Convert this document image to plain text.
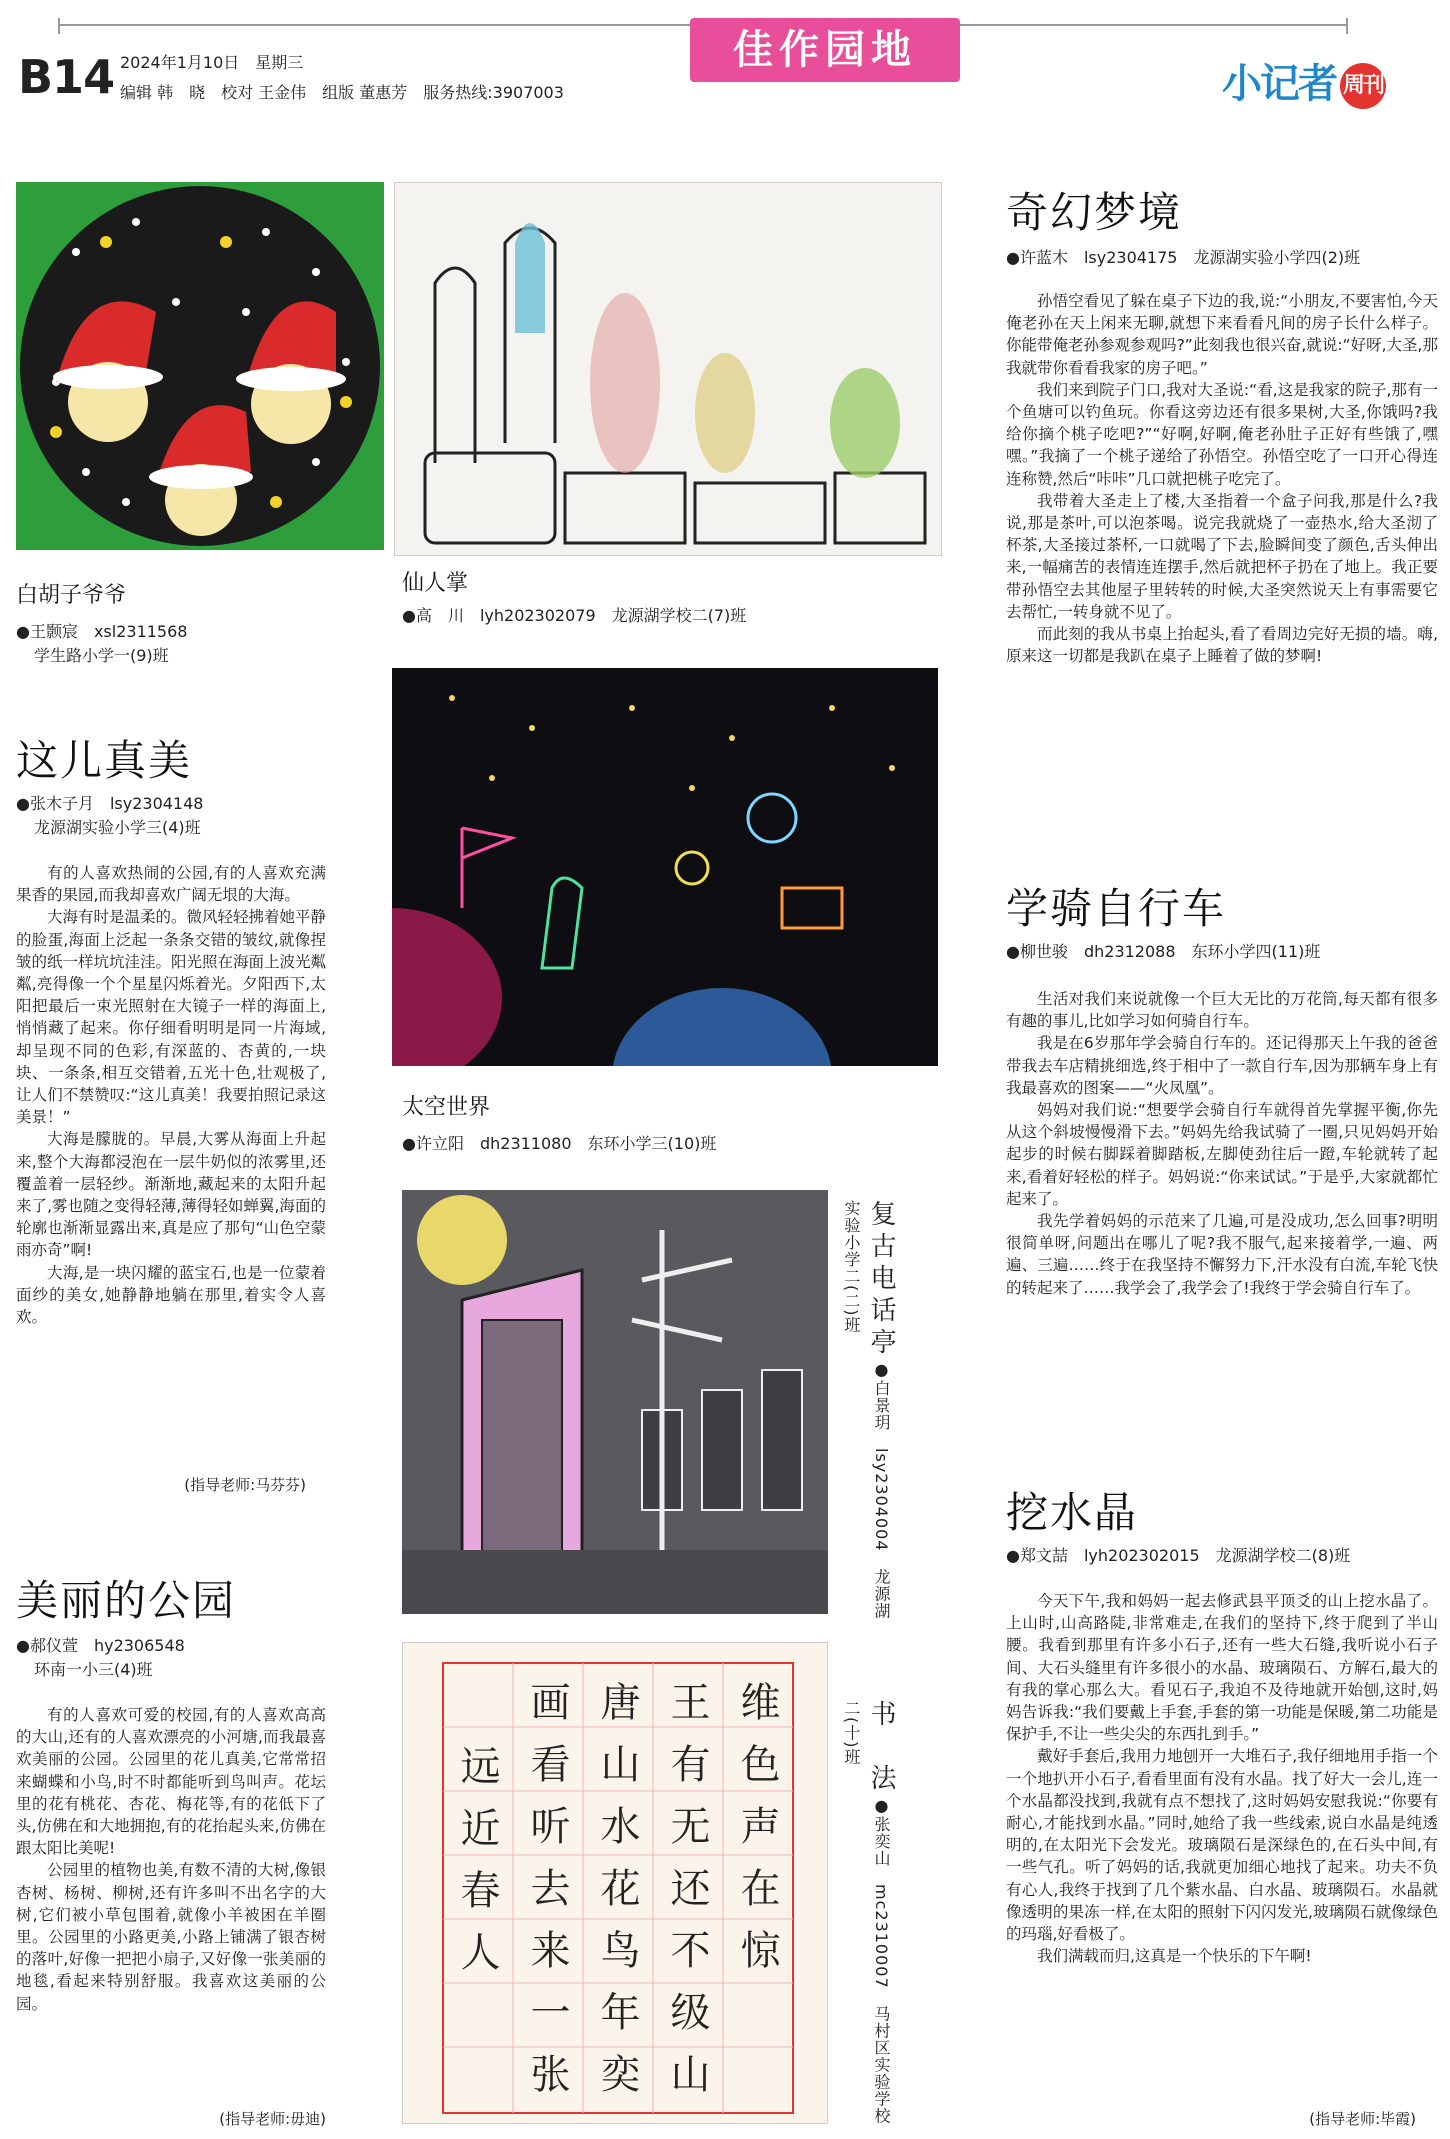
B14 2024年1月10日　星期三
编辑 韩　晓　校对 王金伟　组版 董惠芳　服务热线:3907003
佳作园地
小记者 周刊
白胡子爷爷
●王颢宸　xsl2311568
学生路小学一(9)班
仙人掌
●高　川　lyh202302079　龙源湖学校二(7)班
太空世界
●许立阳　dh2311080　东环小学三(10)班
复古电话亭●白景玥　lsy2304004　龙源湖实验小学二(二)班
维色声在惊
王有无还不级山
唐山水花鸟年奕
画看听去来一张
远近春人	书　法●张奕山　mc2310007　马村区实验学校二(十)班
这儿真美
●张木子月　lsy2304148
龙源湖实验小学三(4)班

有的人喜欢热闹的公园,有的人喜欢充满果香的果园,而我却喜欢广阔无垠的大海。

大海有时是温柔的。微风轻轻拂着她平静的脸蛋,海面上泛起一条条交错的皱纹,就像捏皱的纸一样坑坑洼洼。阳光照在海面上波光粼粼,亮得像一个个星星闪烁着光。夕阳西下,太阳把最后一束光照射在大镜子一样的海面上,悄悄藏了起来。你仔细看明明是同一片海域,却呈现不同的色彩,有深蓝的、杏黄的,一块块、一条条,相互交错着,五光十色,壮观极了,让人们不禁赞叹:“这儿真美！我要拍照记录这美景！”

大海是朦胧的。早晨,大雾从海面上升起来,整个大海都浸泡在一层牛奶似的浓雾里,还覆盖着一层轻纱。渐渐地,藏起来的太阳升起来了,雾也随之变得轻薄,薄得轻如蝉翼,海面的轮廓也渐渐显露出来,真是应了那句“山色空蒙雨亦奇”啊!

大海,是一块闪耀的蓝宝石,也是一位蒙着面纱的美女,她静静地躺在那里,着实令人喜欢。

(指导老师:马芬芬)
美丽的公园
●郝仪萱　hy2306548
环南一小三(4)班

有的人喜欢可爱的校园,有的人喜欢高高的大山,还有的人喜欢漂亮的小河塘,而我最喜欢美丽的公园。公园里的花儿真美,它常常招来蝴蝶和小鸟,时不时都能听到鸟叫声。花坛里的花有桃花、杏花、梅花等,有的花低下了头,仿佛在和大地拥抱,有的花抬起头来,仿佛在跟太阳比美呢!

公园里的植物也美,有数不清的大树,像银杏树、杨树、柳树,还有许多叫不出名字的大树,它们被小草包围着,就像小羊被困在羊圈里。公园里的小路更美,小路上铺满了银杏树的落叶,好像一把把小扇子,又好像一张美丽的地毯,看起来特别舒服。我喜欢这美丽的公园。

(指导老师:毋迪)
奇幻梦境
●许蓝木　lsy2304175　龙源湖实验小学四(2)班

孙悟空看见了躲在桌子下边的我,说:“小朋友,不要害怕,今天俺老孙在天上闲来无聊,就想下来看看凡间的房子长什么样子。你能带俺老孙参观参观吗?”此刻我也很兴奋,就说:“好呀,大圣,那我就带你看看我家的房子吧。”

我们来到院子门口,我对大圣说:“看,这是我家的院子,那有一个鱼塘可以钓鱼玩。你看这旁边还有很多果树,大圣,你饿吗?我给你摘个桃子吃吧?”“好啊,好啊,俺老孙肚子正好有些饿了,嘿嘿。”我摘了一个桃子递给了孙悟空。孙悟空吃了一口开心得连连称赞,然后“咔咔”几口就把桃子吃完了。

我带着大圣走上了楼,大圣指着一个盒子问我,那是什么?我说,那是茶叶,可以泡茶喝。说完我就烧了一壶热水,给大圣沏了杯茶,大圣接过茶杯,一口就喝了下去,脸瞬间变了颜色,舌头伸出来,一幅痛苦的表情连连摆手,然后就把杯子扔在了地上。我正要带孙悟空去其他屋子里转转的时候,大圣突然说天上有事需要它去帮忙,一转身就不见了。

而此刻的我从书桌上抬起头,看了看周边完好无损的墙。嗨,原来这一切都是我趴在桌子上睡着了做的梦啊!

学骑自行车
●柳世骏　dh2312088　东环小学四(11)班

生活对我们来说就像一个巨大无比的万花筒,每天都有很多有趣的事儿,比如学习如何骑自行车。

我是在6岁那年学会骑自行车的。还记得那天上午我的爸爸带我去车店精挑细选,终于相中了一款自行车,因为那辆车身上有我最喜欢的图案——“火凤凰”。

妈妈对我们说:“想要学会骑自行车就得首先掌握平衡,你先从这个斜坡慢慢滑下去。”妈妈先给我试骑了一圈,只见妈妈开始起步的时候右脚踩着脚踏板,左脚使劲往后一蹬,车轮就转了起来,看着好轻松的样子。妈妈说:“你来试试。”于是乎,大家就都忙起来了。

我先学着妈妈的示范来了几遍,可是没成功,怎么回事?明明很简单呀,问题出在哪儿了呢?我不服气,起来接着学,一遍、两遍、三遍……终于在我坚持不懈努力下,汗水没有白流,车轮飞快的转起来了……我学会了,我学会了!我终于学会骑自行车了。

挖水晶
●郑文喆　lyh202302015　龙源湖学校二(8)班

今天下午,我和妈妈一起去修武县平顶爻的山上挖水晶了。上山时,山高路陡,非常难走,在我们的坚持下,终于爬到了半山腰。我看到那里有许多小石子,还有一些大石缝,我听说小石子间、大石头缝里有许多很小的水晶、玻璃陨石、方解石,最大的有我的掌心那么大。看见石子,我迫不及待地就开始刨,这时,妈妈告诉我:“我们要戴上手套,手套的第一功能是保暖,第二功能是保护手,不让一些尖尖的东西扎到手。”

戴好手套后,我用力地刨开一大堆石子,我仔细地用手指一个一个地扒开小石子,看看里面有没有水晶。找了好大一会儿,连一个水晶都没找到,我就有点不想找了,这时妈妈安慰我说:“你要有耐心,才能找到水晶。”同时,她给了我一些线索,说白水晶是纯透明的,在太阳光下会发光。玻璃陨石是深绿色的,在石头中间,有一些气孔。听了妈妈的话,我就更加细心地找了起来。功夫不负有心人,我终于找到了几个紫水晶、白水晶、玻璃陨石。水晶就像透明的果冻一样,在太阳的照射下闪闪发光,玻璃陨石就像绿色的玛瑙,好看极了。

我们满载而归,这真是一个快乐的下午啊!

(指导老师:毕霞)
